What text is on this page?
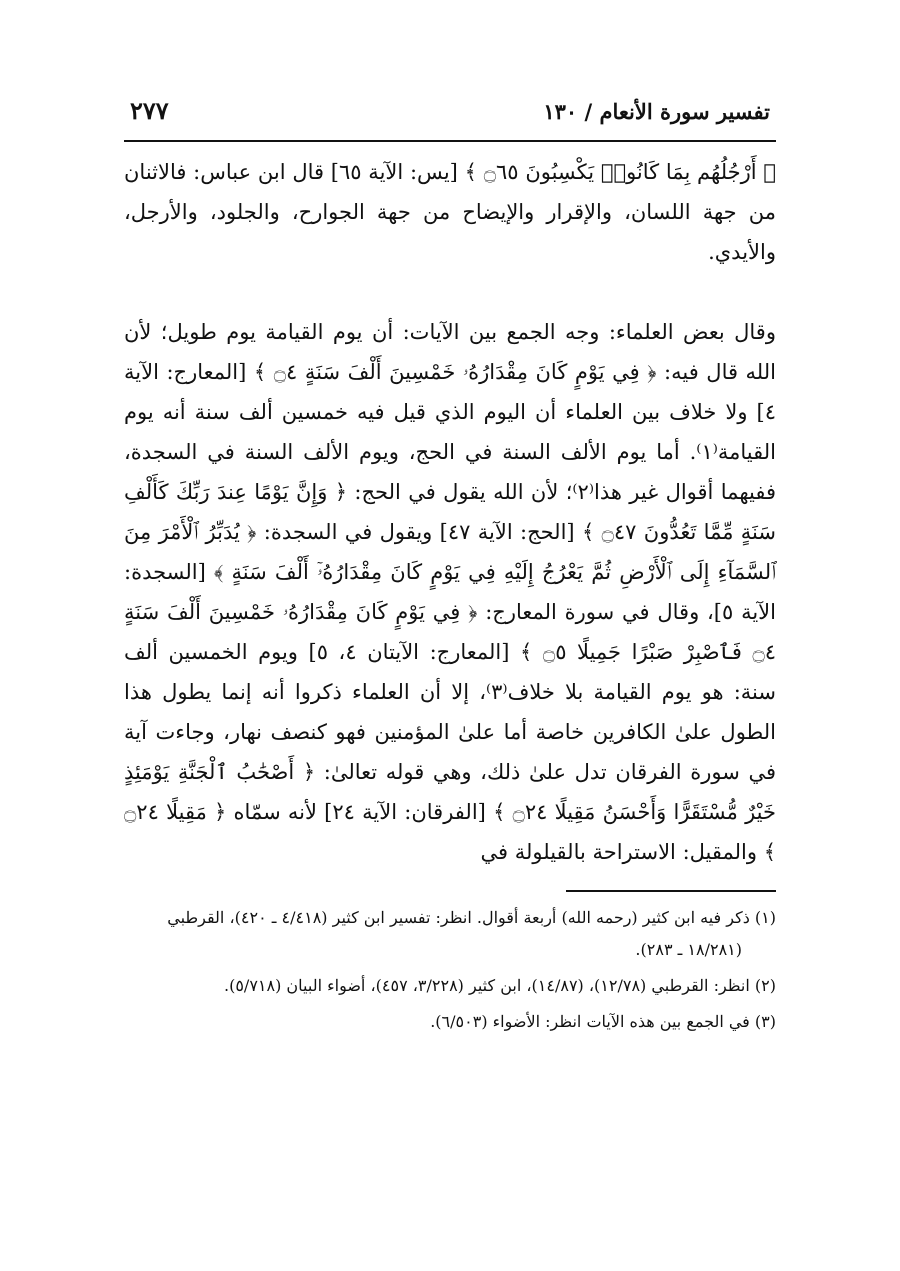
تفسير سورة الأنعام / ١٣٠
٢٧٧

﴿ أَرْجُلُهُم بِمَا كَانُوا۟ يَكْسِبُونَ ۝٦٥ ﴾ [يس: الآية ٦٥] قال ابن عباس: فالاثنان من جهة اللسان، والإقرار والإيضاح من جهة الجوارح، والجلود، والأرجل، والأيدي.

وقال بعض العلماء: وجه الجمع بين الآيات: أن يوم القيامة يوم طويل؛ لأن الله قال فيه: ﴿ فِي يَوْمٍ كَانَ مِقْدَارُهُۥ خَمْسِينَ أَلْفَ سَنَةٍ ۝٤ ﴾ [المعارج: الآية ٤] ولا خلاف بين العلماء أن اليوم الذي قيل فيه خمسين ألف سنة أنه يوم القيامة⁽١⁾. أما يوم الألف السنة في الحج، ويوم الألف السنة في السجدة، ففيهما أقوال غير هذا⁽٢⁾؛ لأن الله يقول في الحج: ﴿ وَإِنَّ يَوْمًا عِندَ رَبِّكَ كَأَلْفِ سَنَةٍ مِّمَّا تَعُدُّونَ ۝٤٧ ﴾ [الحج: الآية ٤٧] ويقول في السجدة: ﴿ يُدَبِّرُ ٱلْأَمْرَ مِنَ ٱلسَّمَآءِ إِلَى ٱلْأَرْضِ ثُمَّ يَعْرُجُ إِلَيْهِ فِي يَوْمٍ كَانَ مِقْدَارُهُۥٓ أَلْفَ سَنَةٍ ﴾ [السجدة: الآية ٥]، وقال في سورة المعارج: ﴿ فِي يَوْمٍ كَانَ مِقْدَارُهُۥ خَمْسِينَ أَلْفَ سَنَةٍ ۝٤ فَٱصْبِرْ صَبْرًا جَمِيلًا ۝٥ ﴾ [المعارج: الآيتان ٤، ٥] ويوم الخمسين ألف سنة: هو يوم القيامة بلا خلاف⁽٣⁾، إلا أن العلماء ذكروا أنه إنما يطول هذا الطول علىٰ الكافرين خاصة أما علىٰ المؤمنين فهو كنصف نهار، وجاءت آية في سورة الفرقان تدل علىٰ ذلك، وهي قوله تعالىٰ: ﴿ أَصْحَٰبُ ٱلْجَنَّةِ يَوْمَئِذٍ خَيْرٌ مُّسْتَقَرًّا وَأَحْسَنُ مَقِيلًا ۝٢٤ ﴾ [الفرقان: الآية ٢٤] لأنه سمّاه ﴿ مَقِيلًا ۝٢٤ ﴾ والمقيل: الاستراحة بالقيلولة في

(١) ذكر فيه ابن كثير (رحمه الله) أربعة أقوال. انظر: تفسير ابن كثير (٤/٤١٨ ـ ٤٢٠)، القرطبي (١٨/٢٨١ ـ ٢٨٣).

(٢) انظر: القرطبي (١٢/٧٨)، (١٤/٨٧)، ابن كثير (٣/٢٢٨، ٤٥٧)، أضواء البيان (٥/٧١٨).

(٣) في الجمع بين هذه الآيات انظر: الأضواء (٦/٥٠٣).
